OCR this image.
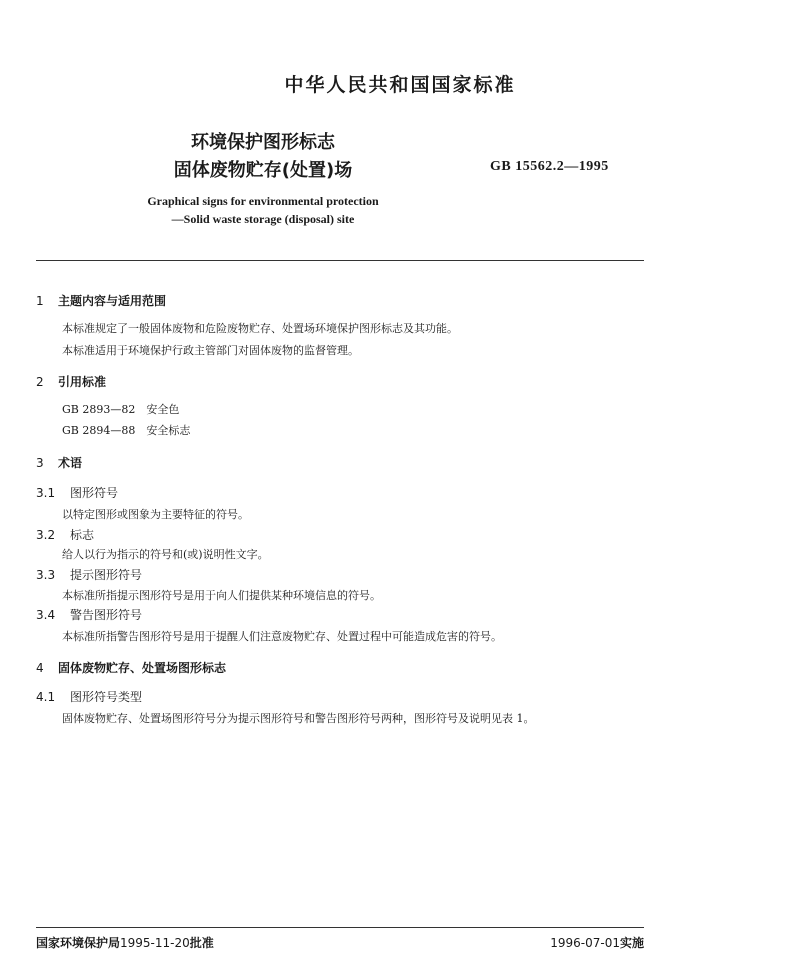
中华人民共和国国家标准
环境保护图形标志
固体废物贮存(处置)场	GB 15562.2—1995
Graphical signs for environmental protection
—Solid waste storage (disposal) site
1 主题内容与适用范围
本标准规定了一般固体废物和危险废物贮存、处置场环境保护图形标志及其功能。
本标准适用于环境保护行政主管部门对固体废物的监督管理。
2 引用标准
GB 2893—82　安全色
GB 2894—88　安全标志
3 术语
3.1 图形符号
以特定图形或图象为主要特征的符号。
3.2 标志
给人以行为指示的符号和(或)说明性文字。
3.3 提示图形符号
本标准所指提示图形符号是用于向人们提供某种环境信息的符号。
3.4 警告图形符号
本标准所指警告图形符号是用于提醒人们注意废物贮存、处置过程中可能造成危害的符号。
4 固体废物贮存、处置场图形标志
4.1 图形符号类型
固体废物贮存、处置场图形符号分为提示图形符号和警告图形符号两种，图形符号及说明见表 1。
国家环境保护局1995-11-20批准	1996-07-01实施
